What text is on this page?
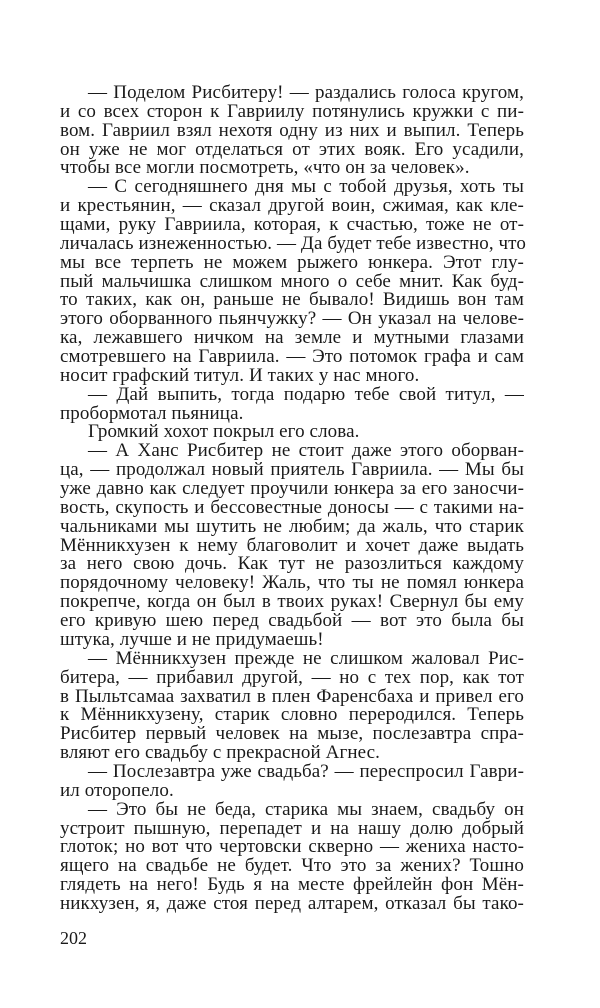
— Поделом Рисбитеру! — раздались голоса кругом,
и со всех сторон к Гавриилу потянулись кружки с пи-
вом. Гавриил взял нехотя одну из них и выпил. Теперь
он уже не мог отделаться от этих вояк. Его усадили,
чтобы все могли посмотреть, «что он за человек».
— С сегодняшнего дня мы с тобой друзья, хоть ты
и крестьянин, — сказал другой воин, сжимая, как кле-
щами, руку Гавриила, которая, к счастью, тоже не от-
личалась изнеженностью. — Да будет тебе известно, что
мы все терпеть не можем рыжего юнкера. Этот глу-
пый мальчишка слишком много о себе мнит. Как буд-
то таких, как он, раньше не бывало! Видишь вон там
этого оборванного пьянчужку? — Он указал на челове-
ка, лежавшего ничком на земле и мутными глазами
смотревшего на Гавриила. — Это потомок графа и сам
носит графский титул. И таких у нас много.
— Дай выпить, тогда подарю тебе свой титул, —
пробормотал пьяница.
Громкий хохот покрыл его слова.
— А Ханс Рисбитер не стоит даже этого оборван-
ца, — продолжал новый приятель Гавриила. — Мы бы
уже давно как следует проучили юнкера за его заносчи-
вость, скупость и бессовестные доносы — с такими на-
чальниками мы шутить не любим; да жаль, что старик
Мённикхузен к нему благоволит и хочет даже выдать
за него свою дочь. Как тут не разозлиться каждому
порядочному человеку! Жаль, что ты не помял юнкера
покрепче, когда он был в твоих руках! Свернул бы ему
его кривую шею перед свадьбой — вот это была бы
штука, лучше и не придумаешь!
— Мённикхузен прежде не слишком жаловал Рис-
битера, — прибавил другой, — но с тех пор, как тот
в Пыльтсамаа захватил в плен Фаренсбаха и привел его
к Мённикхузену, старик словно переродился. Теперь
Рисбитер первый человек на мызе, послезавтра спра-
вляют его свадьбу с прекрасной Агнес.
— Послезавтра уже свадьба? — переспросил Гаври-
ил оторопело.
— Это бы не беда, старика мы знаем, свадьбу он
устроит пышную, перепадет и на нашу долю добрый
глоток; но вот что чертовски скверно — жениха насто-
ящего на свадьбе не будет. Что это за жених? Тошно
глядеть на него! Будь я на месте фрейлейн фон Мён-
никхузен, я, даже стоя перед алтарем, отказал бы тако-
202
